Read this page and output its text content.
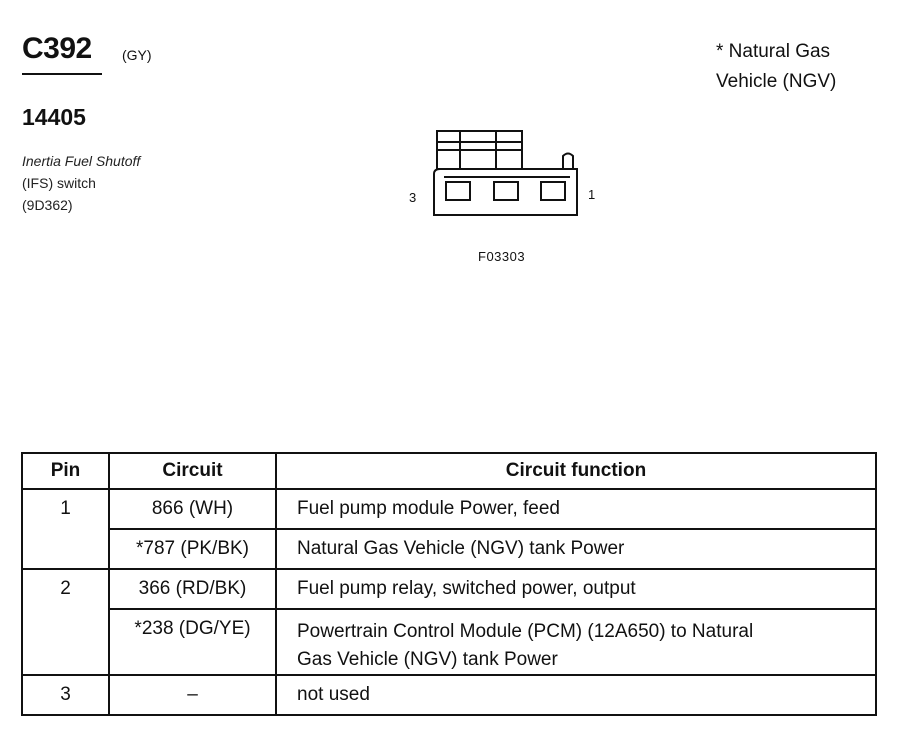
C392 (GY)
14405
Inertia Fuel Shutoff
(IFS) switch
(9D362)
* Natural Gas
Vehicle (NGV)
3	1
F03303
Pin	Circuit	Circuit function
1	866 (WH)	Fuel pump module Power, feed
	*787 (PK/BK)	Natural Gas Vehicle (NGV) tank Power
2	366 (RD/BK)	Fuel pump relay, switched power, output
	*238 (DG/YE)	Powertrain Control Module (PCM) (12A650) to Natural
Gas Vehicle (NGV) tank Power

3	–	not used
